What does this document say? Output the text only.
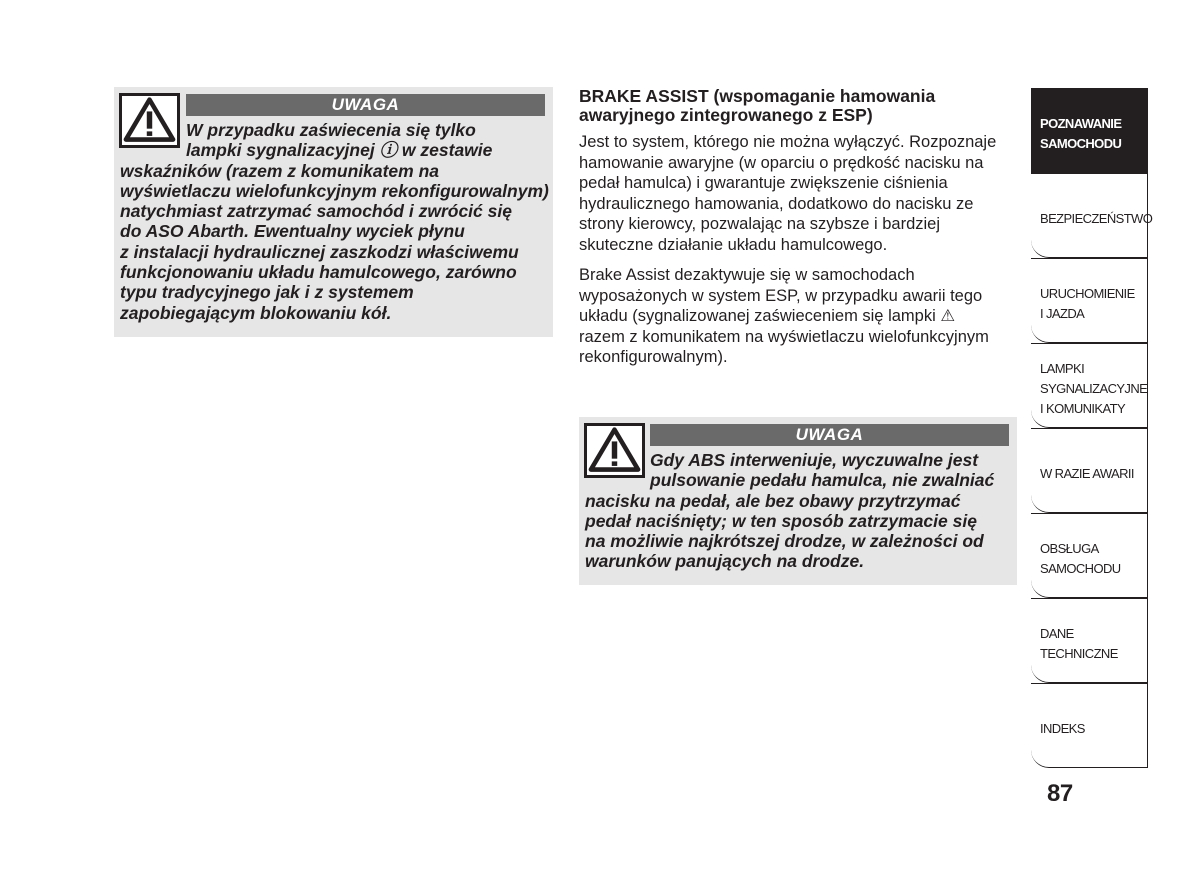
UWAGA
W przypadku zaświecenia się tylko
lampki sygnalizacyjnej ⓘ w zestawie
wskaźników (razem z komunikatem na
wyświetlaczu wielofunkcyjnym rekonfigurowalnym)
natychmiast zatrzymać samochód i zwrócić się
do ASO Abarth. Ewentualny wyciek płynu
z instalacji hydraulicznej zaszkodzi właściwemu
funkcjonowaniu układu hamulcowego, zarówno
typu tradycyjnego jak i z systemem
zapobiegającym blokowaniu kół.
BRAKE ASSIST (wspomaganie hamowania
awaryjnego zintegrowanego z ESP)

Jest to system, którego nie można wyłączyć. Rozpoznaje
hamowanie awaryjne (w oparciu o prędkość nacisku na
pedał hamulca) i gwarantuje zwiększenie ciśnienia
hydraulicznego hamowania, dodatkowo do nacisku ze
strony kierowcy, pozwalając na szybsze i bardziej
skuteczne działanie układu hamulcowego.

Brake Assist dezaktywuje się w samochodach
wyposażonych w system ESP, w przypadku awarii tego
układu (sygnalizowanej zaświeceniem się lampki ⚠
razem z komunikatem na wyświetlaczu wielofunkcyjnym
rekonfigurowalnym).

UWAGA
Gdy ABS interweniuje, wyczuwalne jest
pulsowanie pedału hamulca, nie zwalniać
nacisku na pedał, ale bez obawy przytrzymać
pedał naciśnięty; w ten sposób zatrzymacie się
na możliwie najkrótszej drodze, w zależności od
warunków panujących na drodze.
POZNAWANIE
SAMOCHODU
BEZPIECZEŃSTWO
URUCHOMIENIE
I JAZDA
LAMPKI
SYGNALIZACYJNE
I KOMUNIKATY
W RAZIE AWARII
OBSŁUGA
SAMOCHODU
DANE
TECHNICZNE
INDEKS
87
